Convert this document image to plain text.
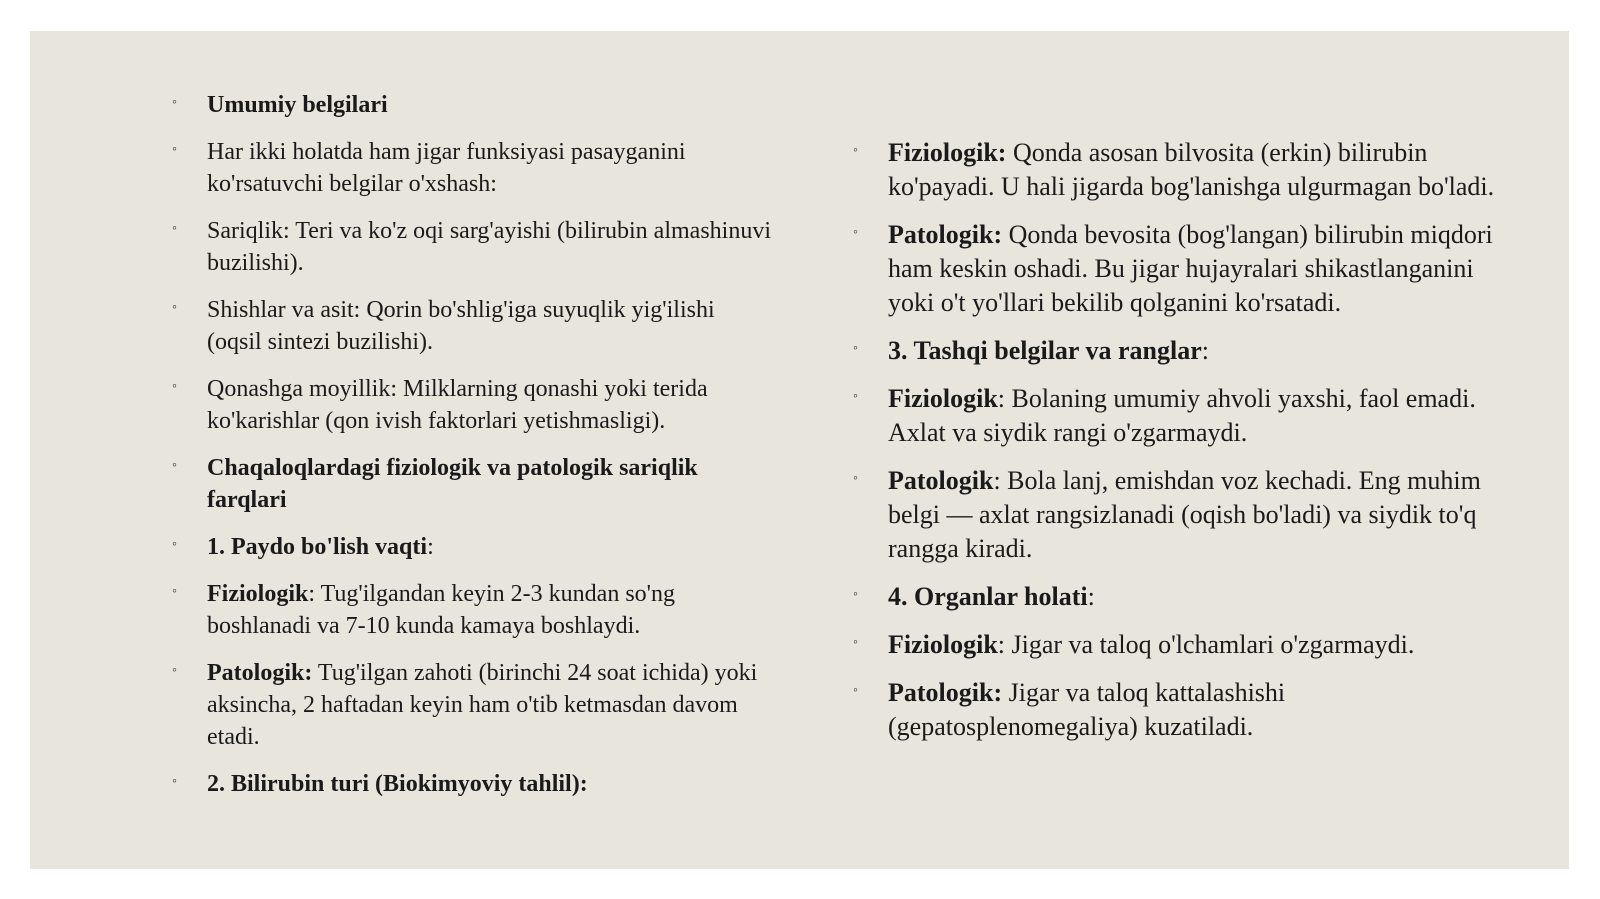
◦ Umumiy belgilari
◦ Har ikki holatda ham jigar funksiyasi pasayganini ko'rsatuvchi belgilar o'xshash:
◦ Sariqlik: Teri va ko'z oqi sarg'ayishi (bilirubin almashinuvi buzilishi).
◦ Shishlar va asit: Qorin bo'shlig'iga suyuqlik yig'ilishi (oqsil sintezi buzilishi).
◦ Qonashga moyillik: Milklarning qonashi yoki terida ko'karishlar (qon ivish faktorlari yetishmasligi).
◦ Chaqaloqlardagi fiziologik va patologik sariqlik farqlari
◦ 1. Paydo bo'lish vaqti:
◦ Fiziologik: Tug'ilgandan keyin 2-3 kundan so'ng boshlanadi va 7-10 kunda kamaya boshlaydi.
◦ Patologik: Tug'ilgan zahoti (birinchi 24 soat ichida) yoki aksincha, 2 haftadan keyin ham o'tib ketmasdan davom etadi.
◦ 2. Bilirubin turi (Biokimyoviy tahlil):
◦ Fiziologik: Qonda asosan bilvosita (erkin) bilirubin ko'payadi. U hali jigarda bog'lanishga ulgurmagan bo'ladi.
◦ Patologik: Qonda bevosita (bog'langan) bilirubin miqdori ham keskin oshadi. Bu jigar hujayralari shikastlanganini yoki o't yo'llari bekilib qolganini ko'rsatadi.
◦ 3. Tashqi belgilar va ranglar:
◦ Fiziologik: Bolaning umumiy ahvoli yaxshi, faol emadi. Axlat va siydik rangi o'zgarmaydi.
◦ Patologik: Bola lanj, emishdan voz kechadi. Eng muhim belgi — axlat rangsizlanadi (oqish bo'ladi) va siydik to'q rangga kiradi.
◦ 4. Organlar holati:
◦ Fiziologik: Jigar va taloq o'lchamlari o'zgarmaydi.
◦ Patologik: Jigar va taloq kattalashishi (gepatosplenomegaliya) kuzatiladi.
